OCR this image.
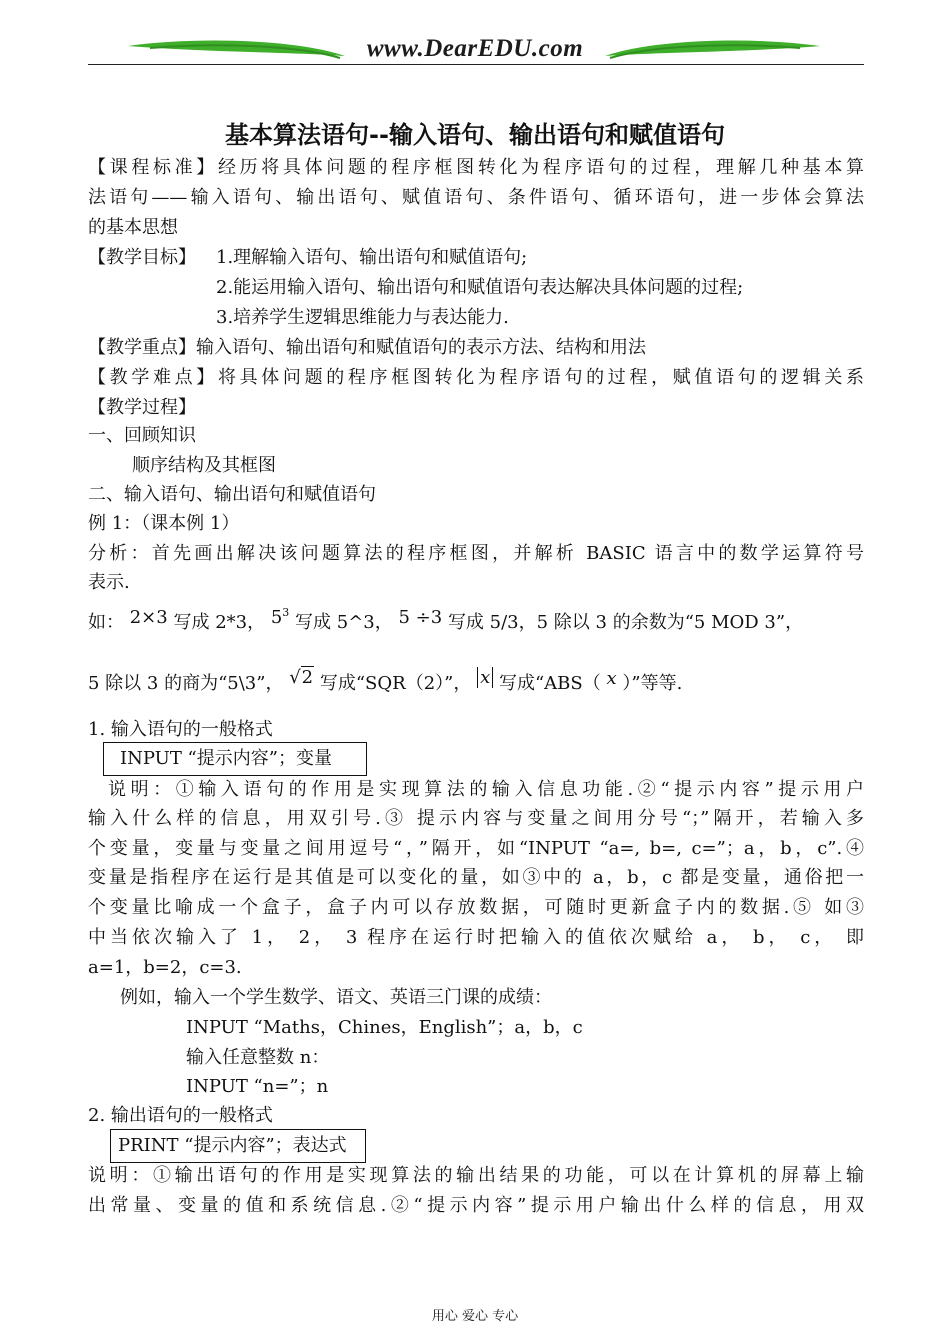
www.DearEDU.com
基本算法语句--输入语句、输出语句和赋值语句
【课程标准】经历将具体问题的程序框图转化为程序语句的过程，理解几种基本算
法语句——输入语句、输出语句、赋值语句、条件语句、循环语句，进一步体会算法
的基本思想
【教学目标】 1.理解输入语句、输出语句和赋值语句;
2.能运用输入语句、输出语句和赋值语句表达解决具体问题的过程;
3.培养学生逻辑思维能力与表达能力.
【教学重点】输入语句、输出语句和赋值语句的表示方法、结构和用法
【教学难点】将具体问题的程序框图转化为程序语句的过程，赋值语句的逻辑关系
【教学过程】
一、回顾知识
顺序结构及其框图
二、输入语句、输出语句和赋值语句
例 1：（课本例 1）
分析：首先画出解决该问题算法的程序框图，并解析 BASIC 语言中的数学运算符号
表示.
如： 2×3 写成 2*3， $5^3$ 写成 5^3， 5 ÷3 写成 5/3，5 除以 3 的余数为“5 MOD 3”，
5 除以 3 的商为“5\3”， √2 写成“SQR（2）”， x 写成“ABS（ x ）”等等.
1. 输入语句的一般格式
INPUT “提示内容”；变量
说明：①输入语句的作用是实现算法的输入信息功能.②“提示内容”提示用户
输入什么样的信息，用双引号.③ 提示内容与变量之间用分号“；”隔开，若输入多
个变量，变量与变量之间用逗号“，”隔开，如“INPUT “a=, b=, c=”；a，b，c”.④
变量是指程序在运行是其值是可以变化的量，如③中的 a，b，c 都是变量，通俗把一
个变量比喻成一个盒子，盒子内可以存放数据，可随时更新盒子内的数据.⑤ 如③
中当依次输入了 1， 2， 3 程序在运行时把输入的值依次赋给 a， b， c， 即
a=1，b=2，c=3.
例如，输入一个学生数学、语文、英语三门课的成绩：
INPUT “Maths，Chines，English”；a，b，c
输入任意整数 n：
INPUT “n=”；n
2. 输出语句的一般格式
PRINT “提示内容”；表达式
说明：①输出语句的作用是实现算法的输出结果的功能，可以在计算机的屏幕上输
出常量、变量的值和系统信息.②“提示内容”提示用户输出什么样的信息，用双
用心 爱心 专心
